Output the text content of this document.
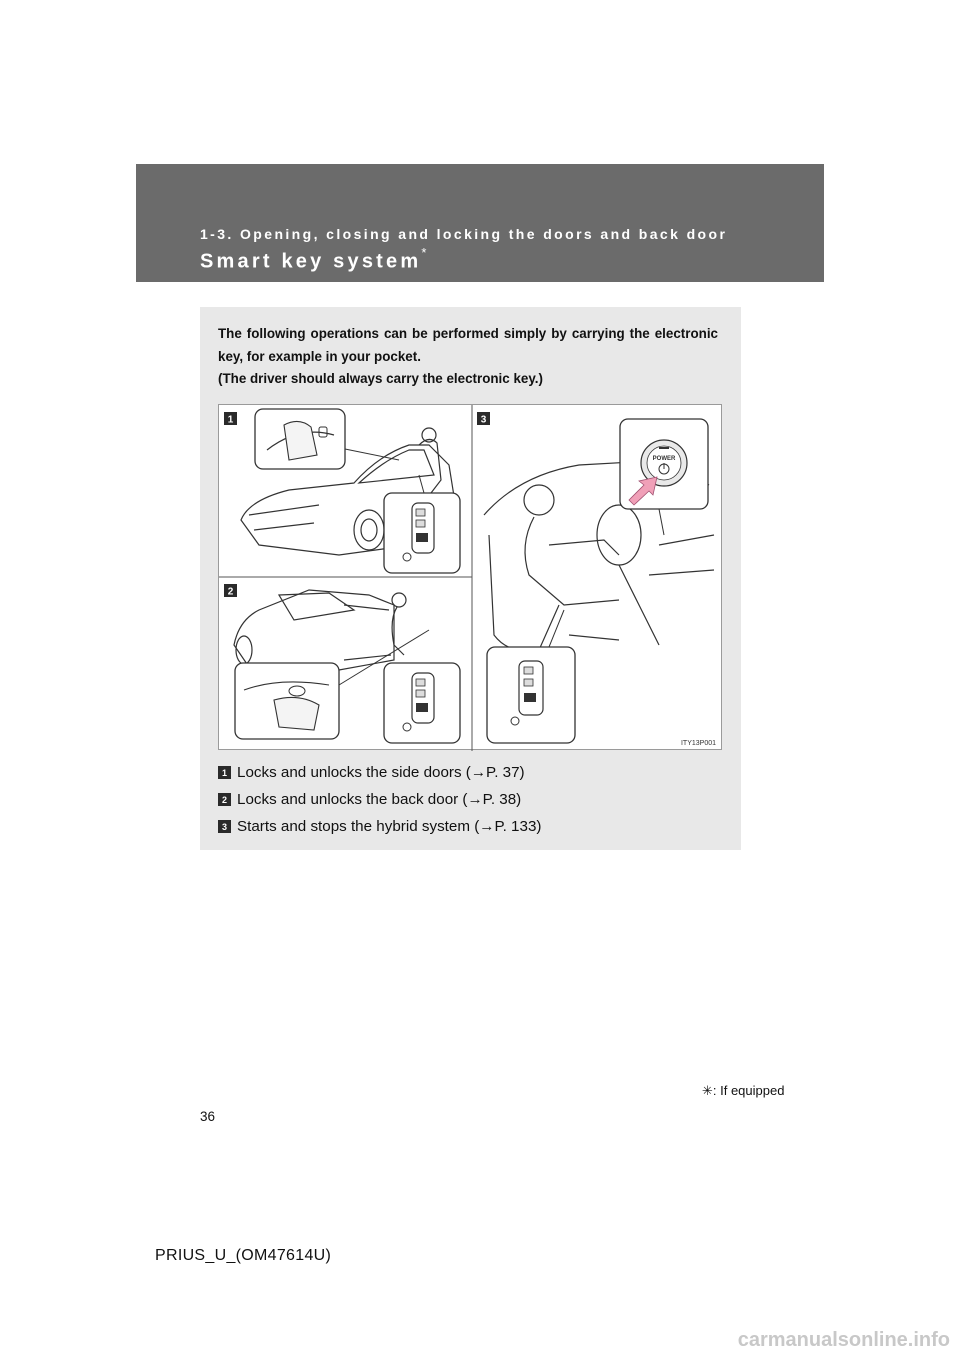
1-3. Opening, closing and locking the doors and back door
Smart key system*

The following operations can be performed simply by carrying the electronic key, for example in your pocket.

(The driver should always carry the electronic key.)

1
2
3
POWER
ITY13P001
1 Locks and unlocks the side doors (→P. 37)
2 Locks and unlocks the back door (→P. 38)
3 Starts and stops the hybrid system (→P. 133)
✳: If equipped
36
PRIUS_U_(OM47614U)
carmanualsonline.info
